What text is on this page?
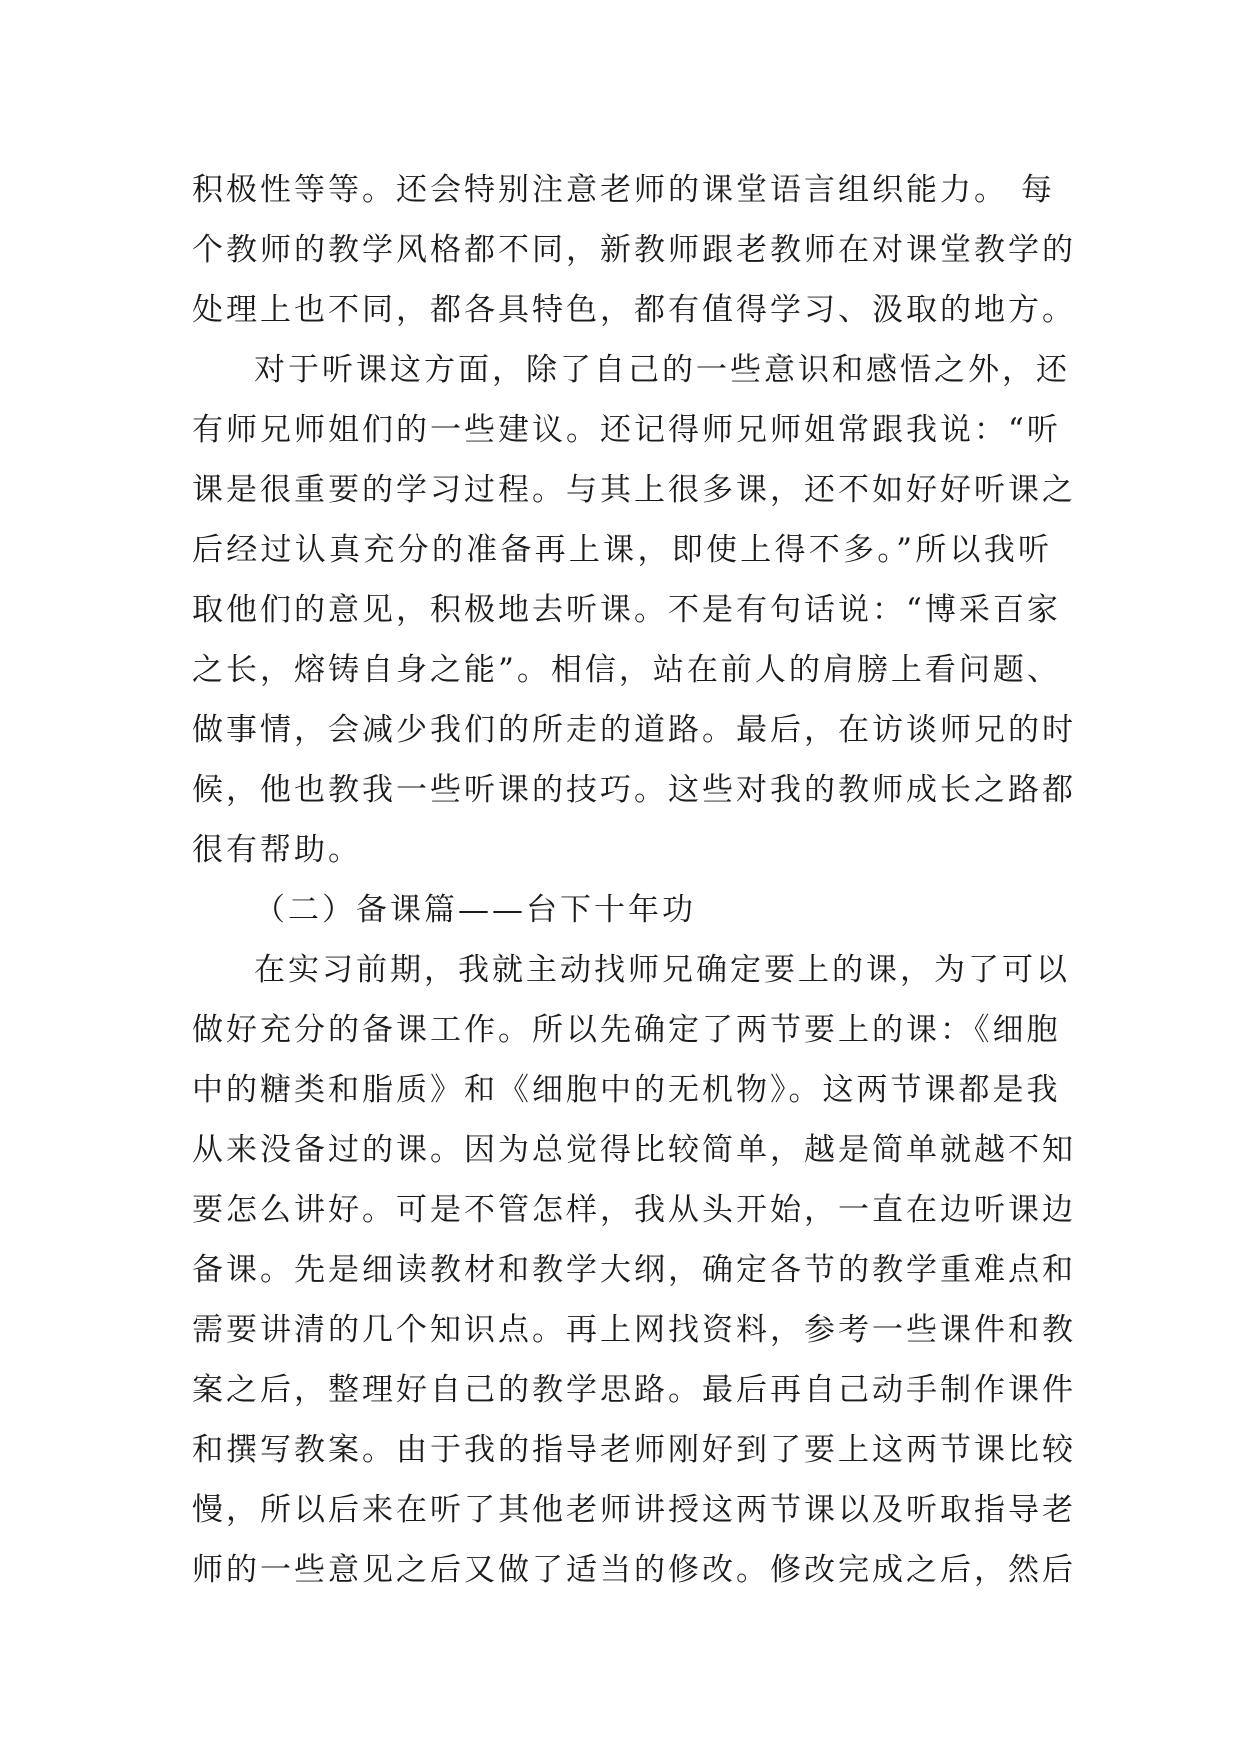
积极性等等。还会特别注意老师的课堂语言组织能力。 每
个教师的教学风格都不同，新教师跟老教师在对课堂教学的
处理上也不同，都各具特色，都有值得学习、汲取的地方。
对于听课这方面，除了自己的一些意识和感悟之外，还
有师兄师姐们的一些建议。还记得师兄师姐常跟我说：“听
课是很重要的学习过程。与其上很多课，还不如好好听课之
后经过认真充分的准备再上课，即使上得不多。”所以我听
取他们的意见，积极地去听课。不是有句话说：“博采百家
之长，熔铸自身之能”。相信，站在前人的肩膀上看问题、
做事情，会减少我们的所走的道路。最后，在访谈师兄的时
候，他也教我一些听课的技巧。这些对我的教师成长之路都
很有帮助。
（二）备课篇——台下十年功
在实习前期，我就主动找师兄确定要上的课，为了可以
做好充分的备课工作。所以先确定了两节要上的课：《细胞
中的糖类和脂质》和《细胞中的无机物》。这两节课都是我
从来没备过的课。因为总觉得比较简单，越是简单就越不知
要怎么讲好。可是不管怎样，我从头开始，一直在边听课边
备课。先是细读教材和教学大纲，确定各节的教学重难点和
需要讲清的几个知识点。再上网找资料，参考一些课件和教
案之后，整理好自己的教学思路。最后再自己动手制作课件
和撰写教案。由于我的指导老师刚好到了要上这两节课比较
慢，所以后来在听了其他老师讲授这两节课以及听取指导老
师的一些意见之后又做了适当的修改。修改完成之后，然后
